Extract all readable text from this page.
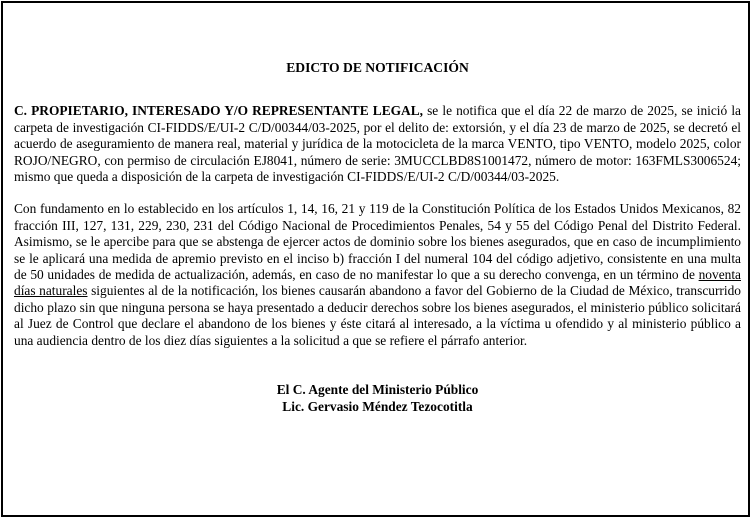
EDICTO DE NOTIFICACIÓN

C. PROPIETARIO, INTERESADO Y/O REPRESENTANTE LEGAL, se le notifica que el día 22 de marzo de 2025, se inició la carpeta de investigación CI-FIDDS/E/UI-2 C/D/00344/03-2025, por el delito de: extorsión, y el día 23 de marzo de 2025, se decretó el acuerdo de aseguramiento de manera real, material y jurídica de la motocicleta de la marca VENTO, tipo VENTO, modelo 2025, color ROJO/NEGRO, con permiso de circulación EJ8041, número de serie: 3MUCCLBD8S1001472, número de motor: 163FMLS3006524; mismo que queda a disposición de la carpeta de investigación CI-FIDDS/E/UI-2 C/D/00344/03-2025.

Con fundamento en lo establecido en los artículos 1, 14, 16, 21 y 119 de la Constitución Política de los Estados Unidos Mexicanos, 82 fracción III, 127, 131, 229, 230, 231 del Código Nacional de Procedimientos Penales, 54 y 55 del Código Penal del Distrito Federal. Asimismo, se le apercibe para que se abstenga de ejercer actos de dominio sobre los bienes asegurados, que en caso de incumplimiento se le aplicará una medida de apremio previsto en el inciso b) fracción I del numeral 104 del código adjetivo, consistente en una multa de 50 unidades de medida de actualización, además, en caso de no manifestar lo que a su derecho convenga, en un término de noventa días naturales siguientes al de la notificación, los bienes causarán abandono a favor del Gobierno de la Ciudad de México, transcurrido dicho plazo sin que ninguna persona se haya presentado a deducir derechos sobre los bienes asegurados, el ministerio público solicitará al Juez de Control que declare el abandono de los bienes y éste citará al interesado, a la víctima u ofendido y al ministerio público a una audiencia dentro de los diez días siguientes a la solicitud a que se refiere el párrafo anterior.

El C. Agente del Ministerio Público
Lic. Gervasio Méndez Tezocotitla
